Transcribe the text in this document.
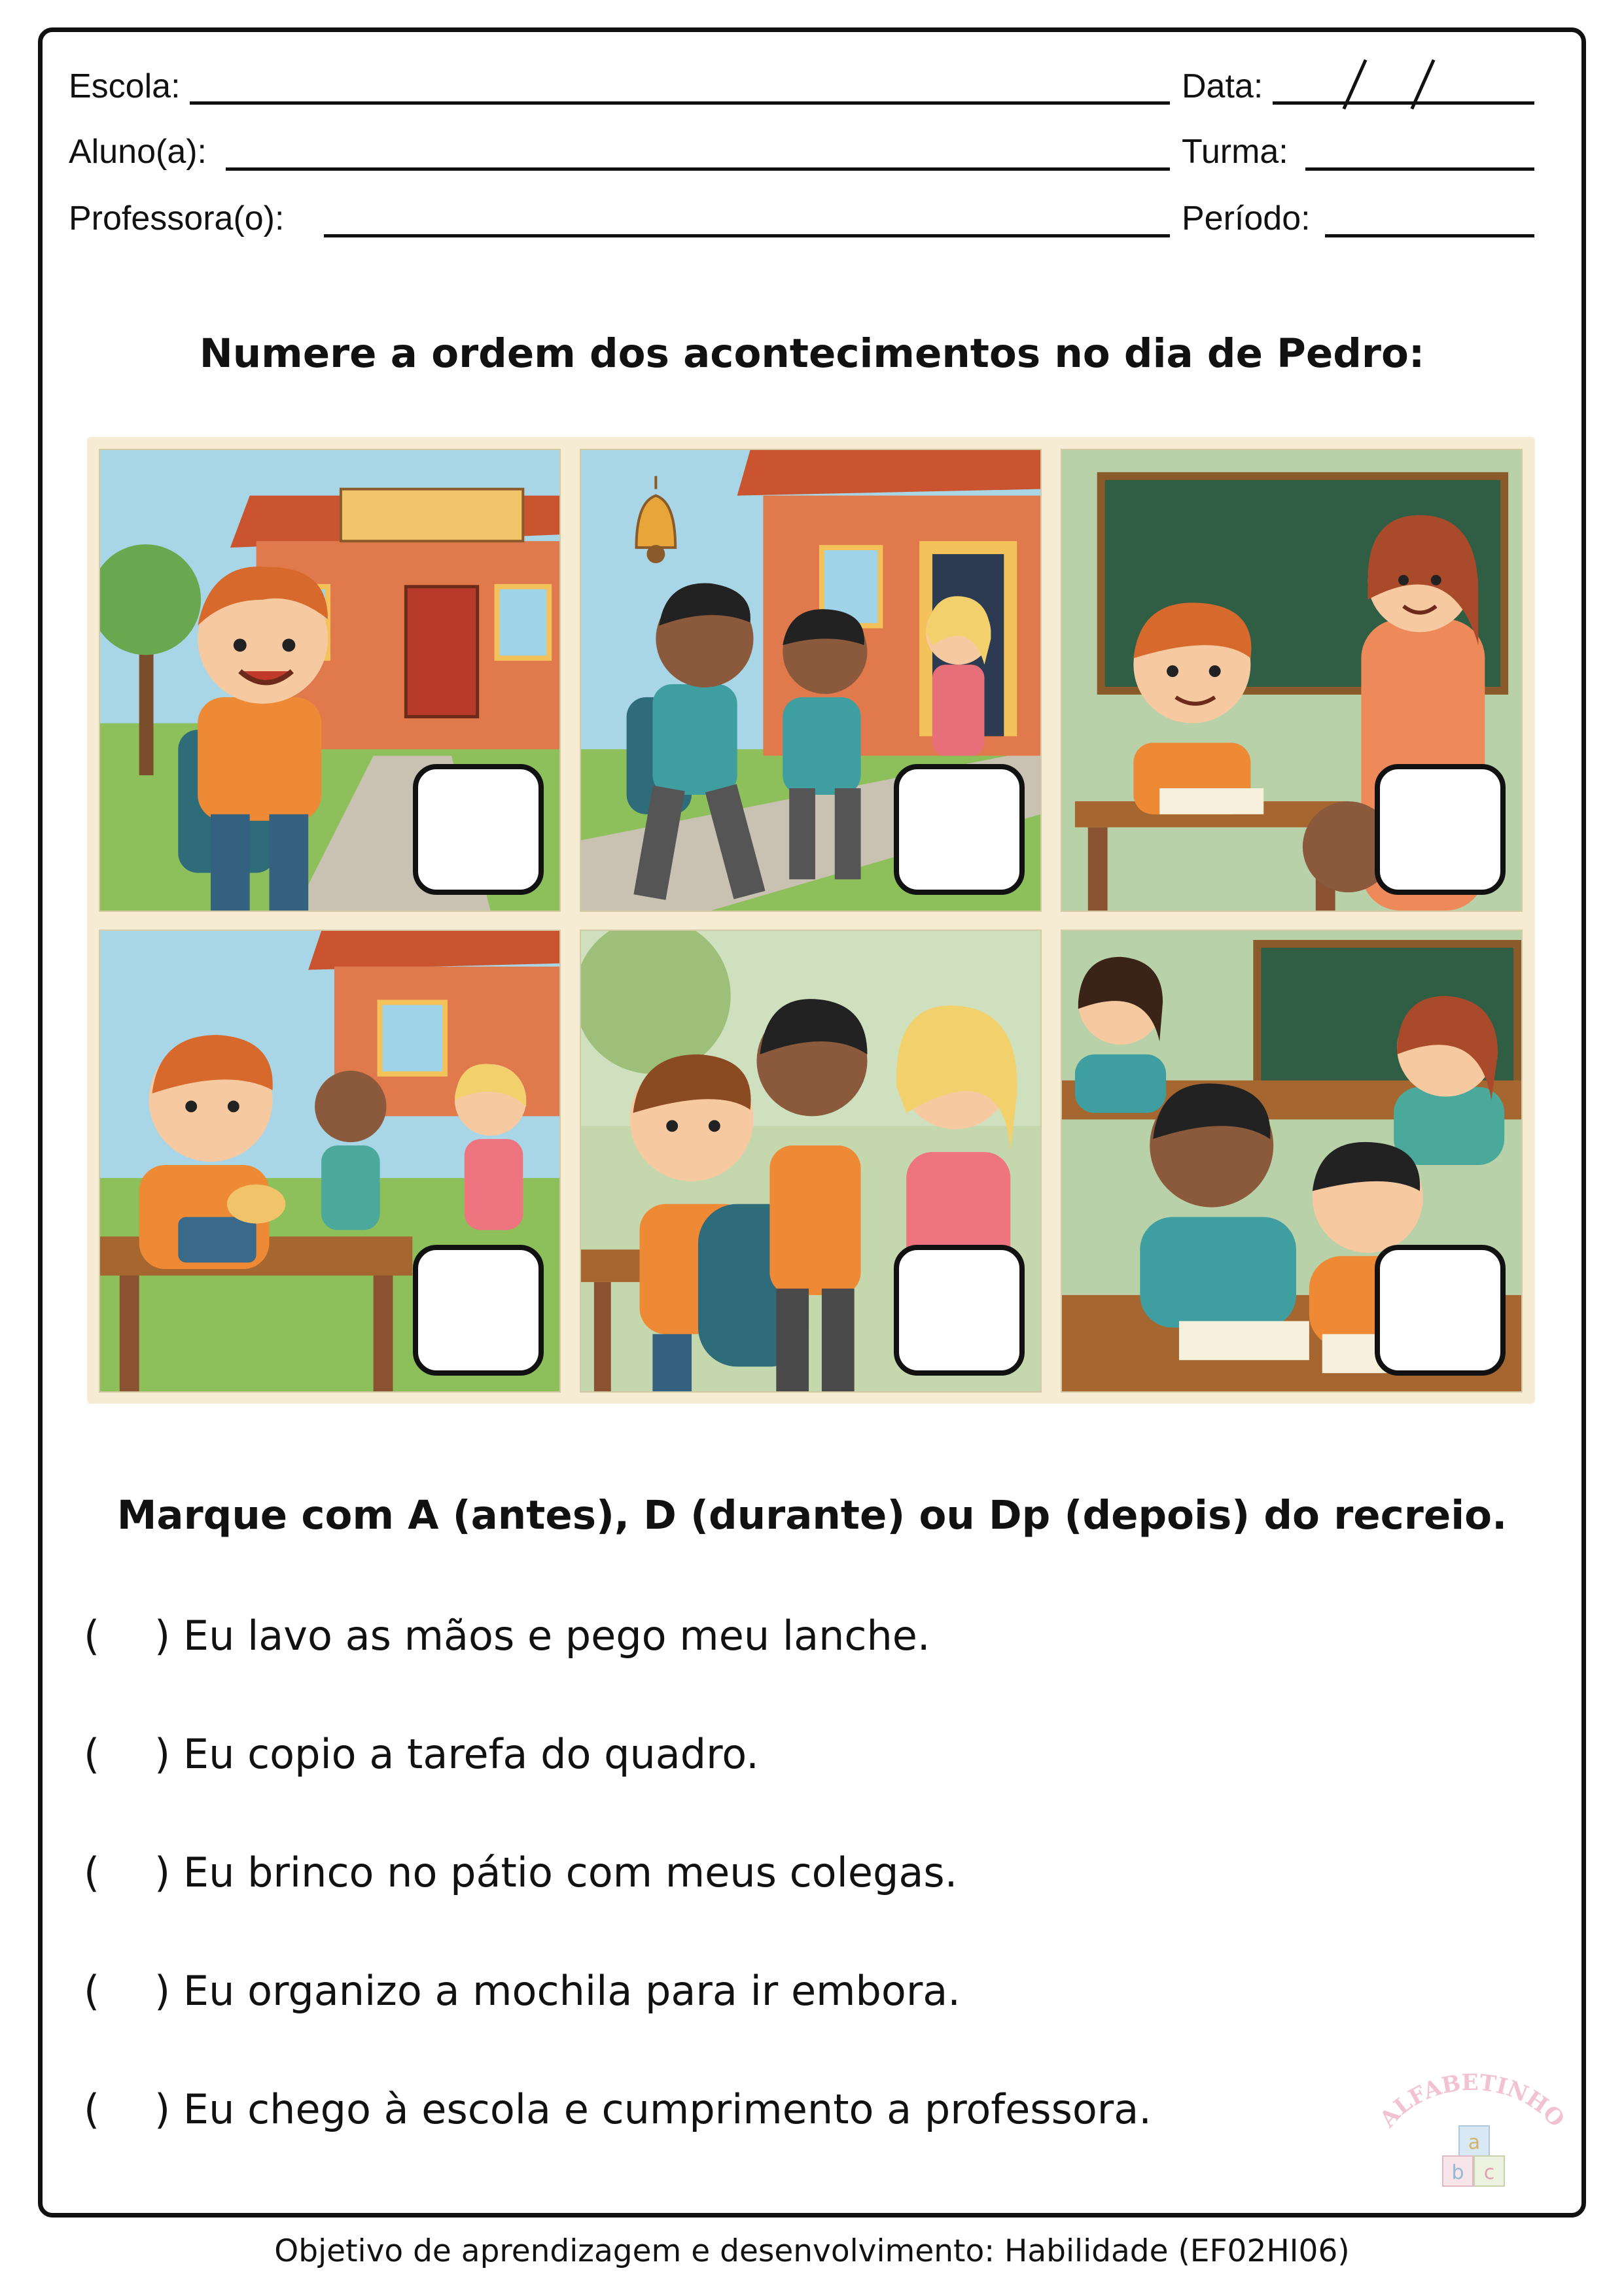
Escola:	Data:
Aluno(a):	Turma:
Professora(o):	Período:
Numere a ordem dos acontecimentos no dia de Pedro:
Marque com A (antes), D (durante) ou Dp (depois) do recreio.
( ) Eu lavo as mãos e pego meu lanche.
( ) Eu copio a tarefa do quadro.
( ) Eu brinco no pátio com meus colegas.
( ) Eu organizo a mochila para ir embora.
( ) Eu chego à escola e cumprimento a professora.	ALFABETINHO
a
b c
Objetivo de aprendizagem e desenvolvimento: Habilidade (EF02HI06)
